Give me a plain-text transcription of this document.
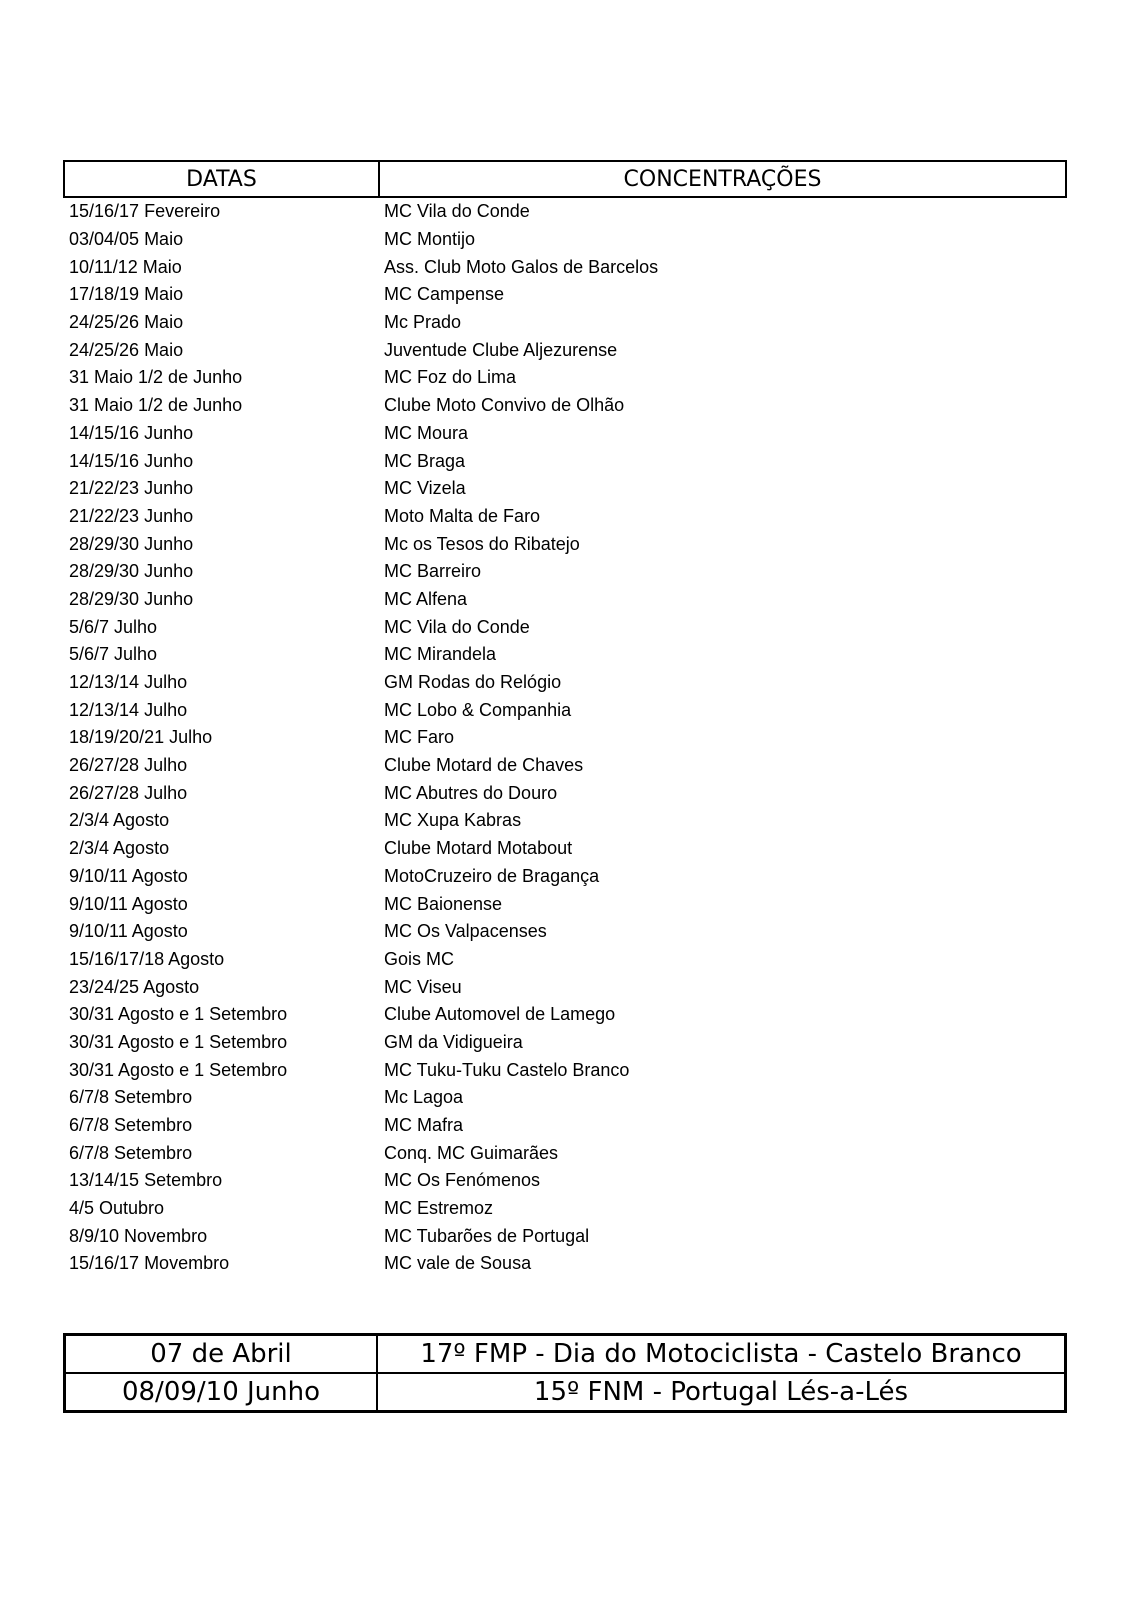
DATAS	CONCENTRAÇÕES
15/16/17 Fevereiro	MC Vila do Conde
03/04/05 Maio	MC Montijo
10/11/12 Maio	Ass. Club Moto Galos de Barcelos
17/18/19 Maio	MC Campense
24/25/26 Maio	Mc Prado
24/25/26 Maio	Juventude Clube Aljezurense
31 Maio 1/2 de Junho	MC Foz do Lima
31 Maio 1/2 de Junho	Clube Moto Convivo de Olhão
14/15/16 Junho	MC Moura
14/15/16 Junho	MC Braga
21/22/23 Junho	MC Vizela
21/22/23 Junho	Moto Malta de Faro
28/29/30 Junho	Mc os Tesos do Ribatejo
28/29/30 Junho	MC Barreiro
28/29/30 Junho	MC Alfena
5/6/7 Julho	MC Vila do Conde
5/6/7 Julho	MC Mirandela
12/13/14 Julho	GM Rodas do Relógio
12/13/14 Julho	MC Lobo & Companhia
18/19/20/21 Julho	MC Faro
26/27/28 Julho	Clube Motard de Chaves
26/27/28 Julho	MC Abutres do Douro
2/3/4 Agosto	MC Xupa Kabras
2/3/4 Agosto	Clube Motard Motabout
9/10/11 Agosto	MotoCruzeiro de Bragança
9/10/11 Agosto	MC Baionense
9/10/11 Agosto	MC Os Valpacenses
15/16/17/18 Agosto	Gois MC
23/24/25 Agosto	MC Viseu
30/31 Agosto e 1 Setembro	Clube Automovel de Lamego
30/31 Agosto e 1 Setembro	GM da Vidigueira
30/31 Agosto e 1 Setembro	MC Tuku-Tuku Castelo Branco
6/7/8 Setembro	Mc Lagoa
6/7/8 Setembro	MC Mafra
6/7/8 Setembro	Conq. MC Guimarães
13/14/15 Setembro	MC Os Fenómenos
4/5 Outubro	MC Estremoz
8/9/10 Novembro	MC Tubarões de Portugal
15/16/17 Movembro	MC vale de Sousa
07 de Abril	17º FMP - Dia do Motociclista - Castelo Branco
08/09/10 Junho	15º FNM - Portugal Lés-a-Lés
